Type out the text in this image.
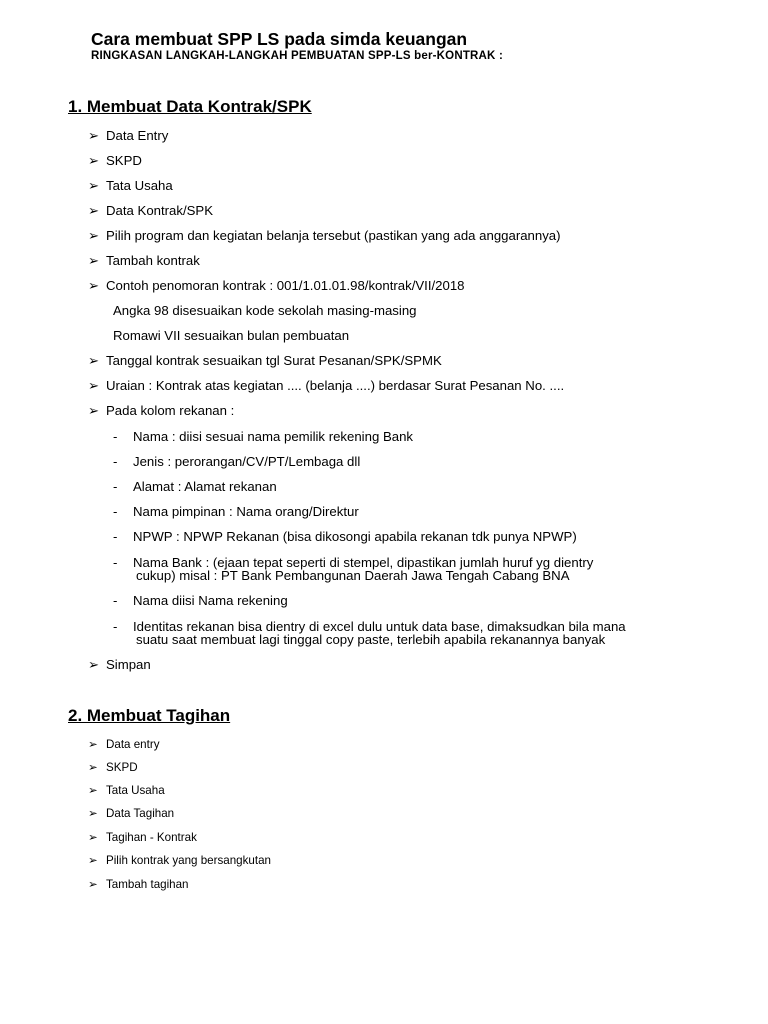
Cara membuat SPP LS pada simda keuangan
RINGKASAN LANGKAH-LANGKAH PEMBUATAN SPP-LS ber-KONTRAK :
1. Membuat Data Kontrak/SPK
➢ Data Entry
➢ SKPD
➢ Tata Usaha
➢ Data Kontrak/SPK
➢ Pilih program dan kegiatan belanja tersebut (pastikan yang ada anggarannya)
➢ Tambah kontrak
➢ Contoh penomoran kontrak : 001/1.01.01.98/kontrak/VII/2018
Angka 98 disesuaikan kode sekolah masing-masing
Romawi VII sesuaikan bulan pembuatan
➢ Tanggal kontrak sesuaikan tgl Surat Pesanan/SPK/SPMK
➢ Uraian : Kontrak atas kegiatan .... (belanja ....) berdasar Surat Pesanan No. ....
➢ Pada kolom rekanan :
- Nama : diisi sesuai nama pemilik rekening Bank
- Jenis : perorangan/CV/PT/Lembaga dll
- Alamat : Alamat rekanan
- Nama pimpinan : Nama orang/Direktur
- NPWP : NPWP Rekanan (bisa dikosongi apabila rekanan tdk punya NPWP)
- Nama Bank : (ejaan tepat seperti di stempel, dipastikan jumlah huruf yg dientry
cukup) misal : PT Bank Pembangunan Daerah Jawa Tengah Cabang BNA
- Nama diisi Nama rekening
- Identitas rekanan bisa dientry di excel dulu untuk data base, dimaksudkan bila mana
suatu saat membuat lagi tinggal copy paste, terlebih apabila rekanannya banyak
➢ Simpan
2. Membuat Tagihan
➢ Data entry
➢ SKPD
➢ Tata Usaha
➢ Data Tagihan
➢ Tagihan - Kontrak
➢ Pilih kontrak yang bersangkutan
➢ Tambah tagihan
